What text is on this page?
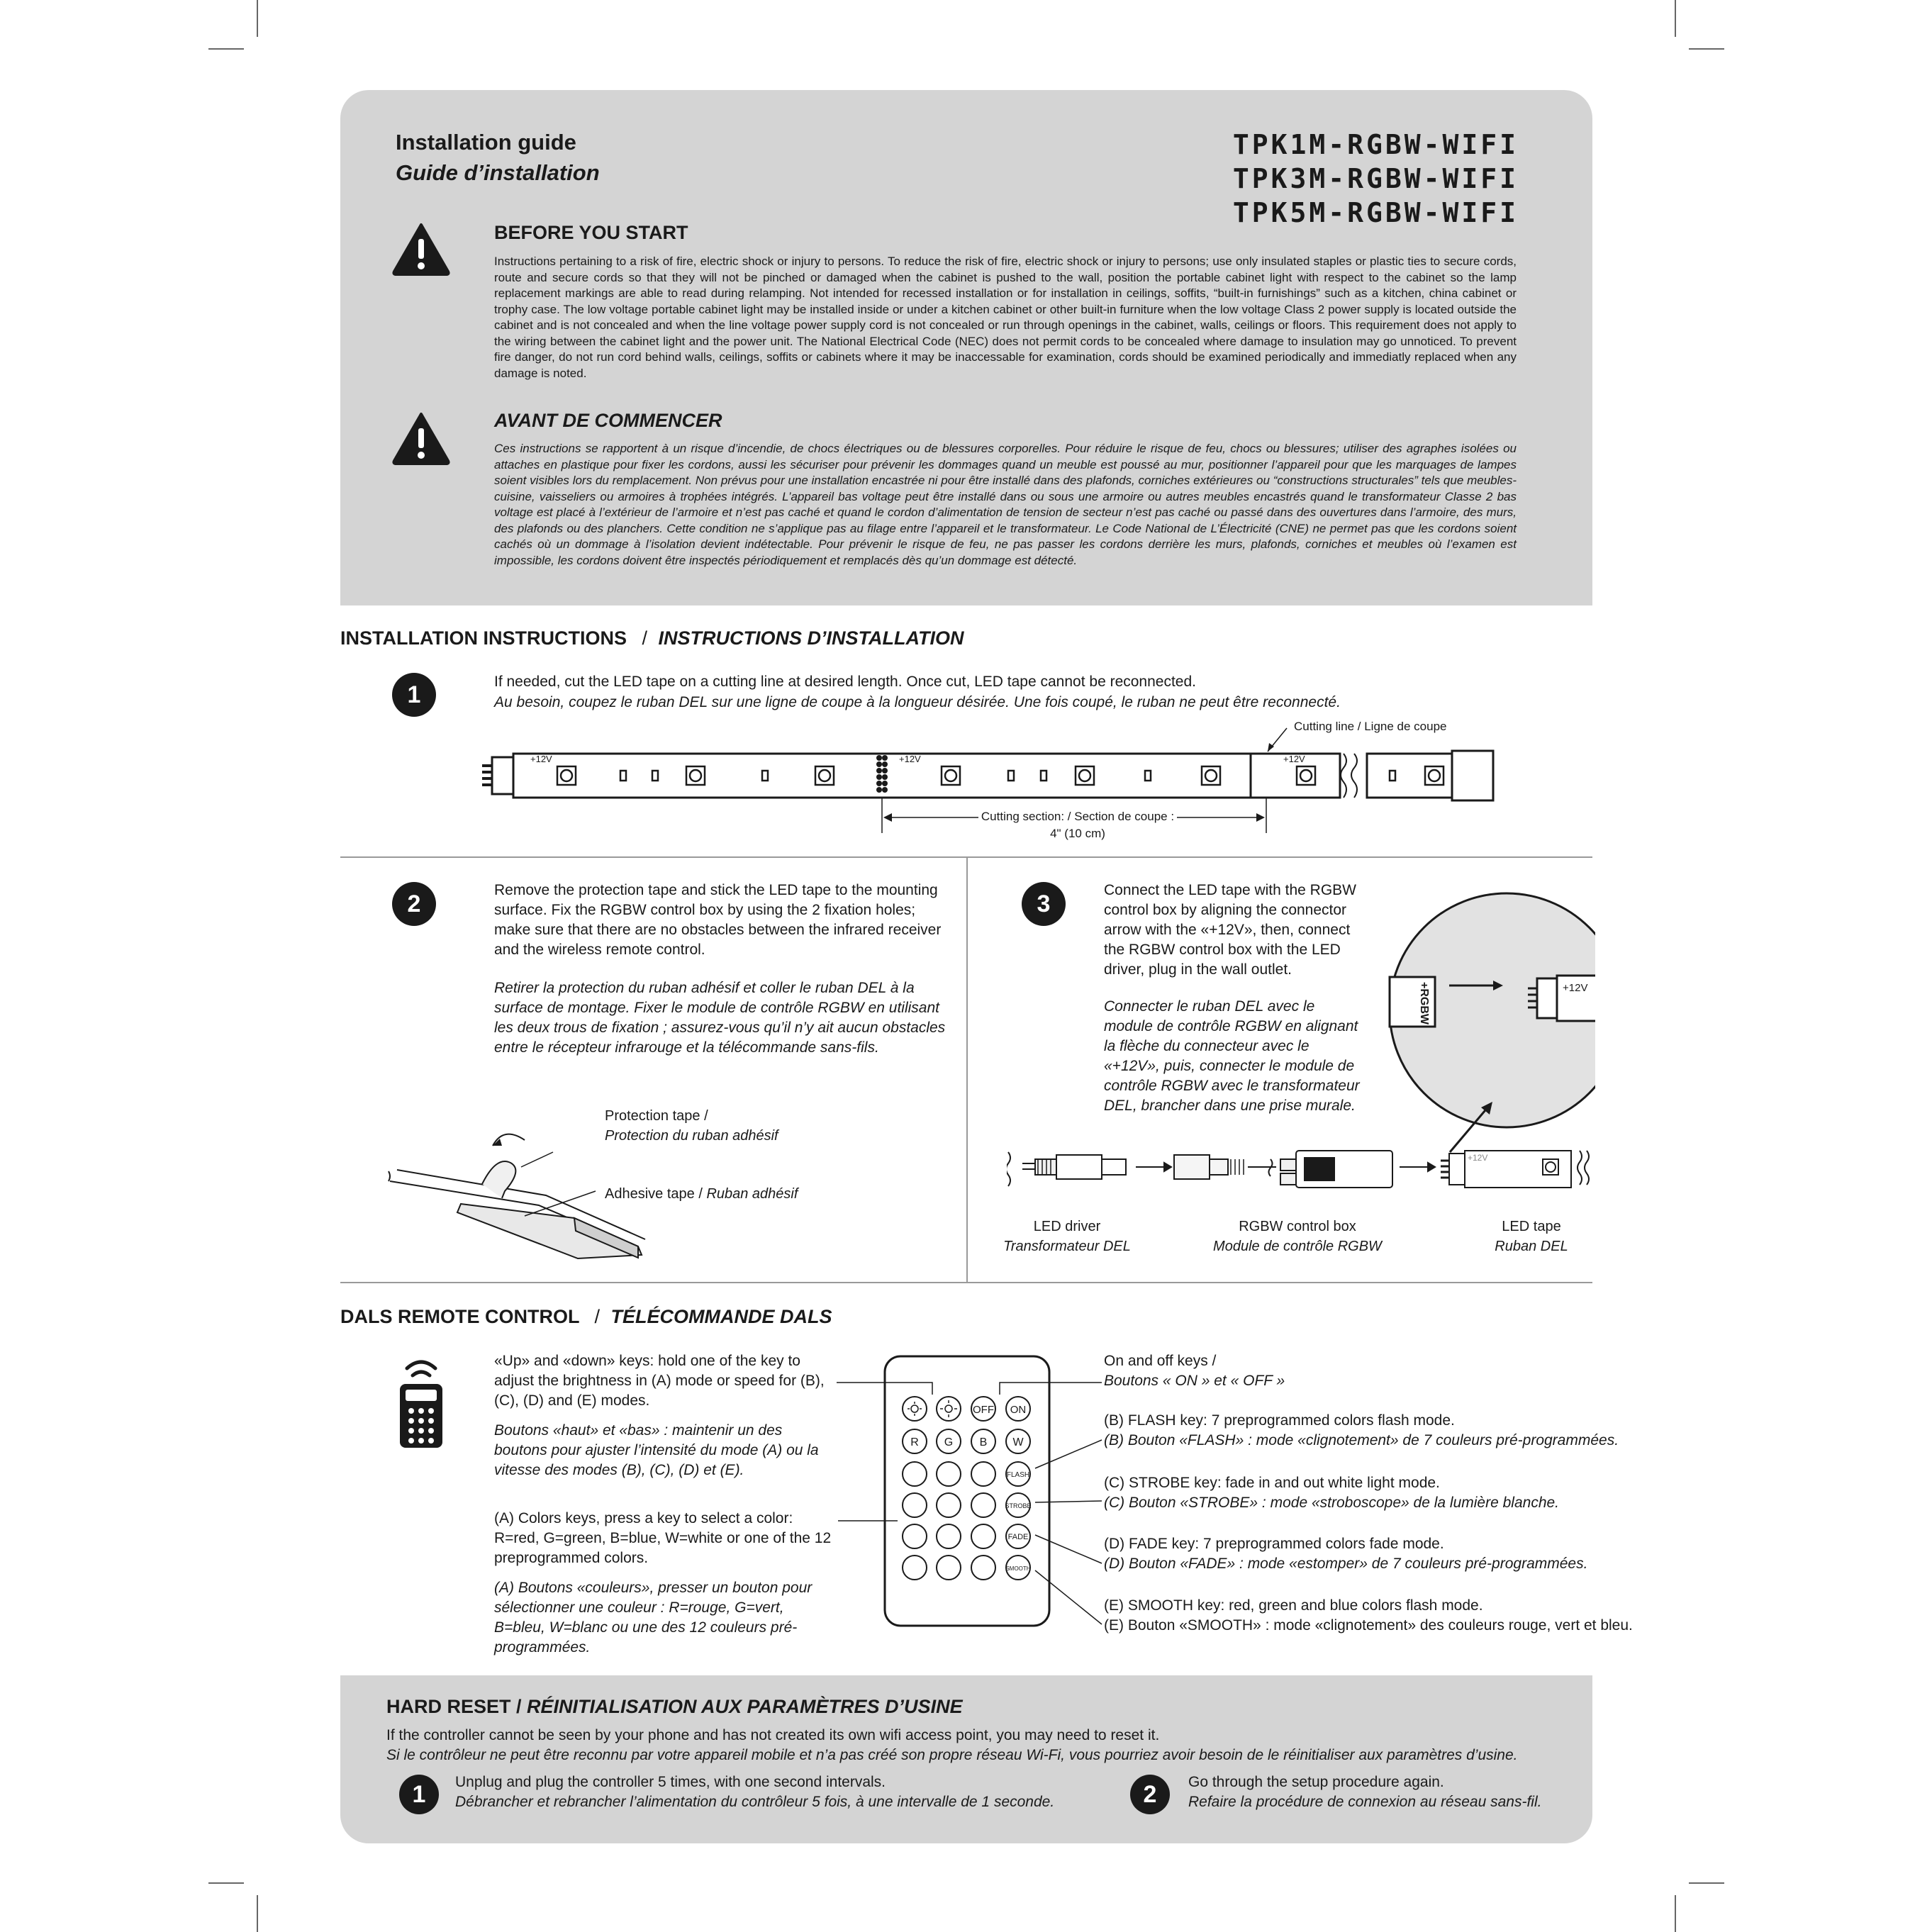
Installation guide
Guide d’installation
TPK1M-RGBW-WIFI
TPK3M-RGBW-WIFI
TPK5M-RGBW-WIFI
BEFORE YOU START
Instructions pertaining to a risk of fire, electric shock or injury to persons. To reduce the risk of fire, electric shock or injury to persons; use only insulated staples or plastic ties to secure cords, route and secure cords so that they will not be pinched or damaged when the cabinet is pushed to the wall, position the portable cabinet light with respect to the cabinet so the lamp replacement markings are able to read during relamping. Not intended for recessed installation or for installation in ceilings, soffits, “built-in furnishings” such as a kitchen, china cabinet or trophy case. The low voltage portable cabinet light may be installed inside or under a kitchen cabinet or other built-in furniture when the low voltage Class 2 power supply is located outside the cabinet and is not concealed and when the line voltage power supply cord is not concealed or run through openings in the cabinet, walls, ceilings or floors. This requirement does not apply to the wiring between the cabinet light and the power unit. The National Electrical Code (NEC) does not permit cords to be concealed where damage to insulation may go unnoticed. To prevent fire danger, do not run cord behind walls, ceilings, soffits or cabinets where it may be inaccessable for examination, cords should be examined periodically and immediatly replaced when any damage is noted.
AVANT DE COMMENCER
Ces instructions se rapportent à un risque d’incendie, de chocs électriques ou de blessures corporelles. Pour réduire le risque de feu, chocs ou blessures; utiliser des agraphes isolées ou attaches en plastique pour fixer les cordons, aussi les sécuriser pour prévenir les dommages quand un meuble est poussé au mur, positionner l’appareil pour que les marquages de lampes soient visibles lors du remplacement. Non prévus pour une installation encastrée ni pour être installé dans des plafonds, corniches extérieures ou “constructions structurales” tels que meubles-cuisine, vaisseliers ou armoires à trophées intégrés. L’appareil bas voltage peut être installé dans ou sous une armoire ou autres meubles encastrés quand le transformateur Classe 2 bas voltage est placé à l’extérieur de l’armoire et n’est pas caché et quand le cordon d’alimentation de tension de secteur n’est pas caché ou passé dans des ouvertures dans l’armoire, des murs, des plafonds ou des planchers. Cette condition ne s’applique pas au filage entre l’appareil et le transformateur. Le Code National de L’Électricité (CNE) ne permet pas que les cordons soient cachés où un dommage à l’isolation devient indétectable. Pour prévenir le risque de feu, ne pas passer les cordons derrière les murs, plafonds, corniches et meubles où l’examen est impossible, les cordons doivent être inspectés périodiquement et remplacés dès qu’un dommage est détecté.
INSTALLATION INSTRUCTIONS / INSTRUCTIONS D’INSTALLATION
1	If needed, cut the LED tape on a cutting line at desired length. Once cut, LED tape cannot be reconnected.
Au besoin, coupez le ruban DEL sur une ligne de coupe à la longueur désirée. Une fois coupé, le ruban ne peut être reconnecté.
+12V	+12V	+12V
Cutting line / Ligne de coupe
Cutting section: / Section de coupe :
4" (10 cm)
2
Remove the protection tape and stick the LED tape to the mounting surface. Fix the RGBW control box by using the 2 fixation holes; make sure that there are no obstacles between the infrared receiver and the wireless remote control.
Retirer la protection du ruban adhésif et coller le ruban DEL à la surface de montage. Fixer le module de contrôle RGBW en utilisant les deux trous de fixation ; assurez-vous qu’il n’y ait aucun obstacles entre le récepteur infrarouge et la télécommande sans-fils.
Protection tape /
Protection du ruban adhésif
Adhesive tape / Ruban adhésif
3
Connect the LED tape with the RGBW control box by aligning the connector arrow with the «+12V», then, connect the RGBW control box with the LED driver, plug in the wall outlet.
Connecter le ruban DEL avec le module de contrôle RGBW en alignant la flèche du connecteur avec le «+12V», puis, connecter le module de contrôle RGBW avec le transformateur DEL, brancher dans une prise murale.
+RGBW	+12V
+12V
LED driver
Transformateur DEL
RGBW control box
Module de contrôle RGBW
LED tape
Ruban DEL
DALS REMOTE CONTROL / TÉLÉCOMMANDE DALS
«Up» and «down» keys: hold one of the key to adjust the brightness in (A) mode or speed for (B), (C), (D) and (E) modes.
Boutons «haut» et «bas» : maintenir un des boutons pour ajuster l’intensité du mode (A) ou la vitesse des modes (B), (C), (D) et (E).
(A) Colors keys, press a key to select a color: R=red, G=green, B=blue, W=white or one of the 12 preprogrammed colors.
(A) Boutons «couleurs», presser un bouton pour sélectionner une couleur : R=rouge, G=vert, B=bleu, W=blanc ou une des 12 couleurs pré-programmées.
OFF ON
R G B W
FLASH
STROBE
FADE
SMOOTH
On and off keys /
Boutons « ON » et « OFF »
(B) FLASH key: 7 preprogrammed colors flash mode.
(B) Bouton «FLASH» : mode «clignotement» de 7 couleurs pré-programmées.
(C) STROBE key: fade in and out white light mode.
(C) Bouton «STROBE» : mode «stroboscope» de la lumière blanche.
(D) FADE key: 7 preprogrammed colors fade mode.
(D) Bouton «FADE» : mode «estomper» de 7 couleurs pré-programmées.
(E) SMOOTH key: red, green and blue colors flash mode.
(E) Bouton «SMOOTH» : mode «clignotement» des couleurs rouge, vert et bleu.
HARD RESET / RÉINITIALISATION AUX PARAMÈTRES D’USINE
If the controller cannot be seen by your phone and has not created its own wifi access point, you may need to reset it.
Si le contrôleur ne peut être reconnu par votre appareil mobile et n’a pas créé son propre réseau Wi-Fi, vous pourriez avoir besoin de le réinitialiser aux paramètres d’usine.
1	Unplug and plug the controller 5 times, with one second intervals.
Débrancher et rebrancher l’alimentation du contrôleur 5 fois, à une intervalle de 1 seconde.	2	Go through the setup procedure again.
Refaire la procédure de connexion au réseau sans-fil.
